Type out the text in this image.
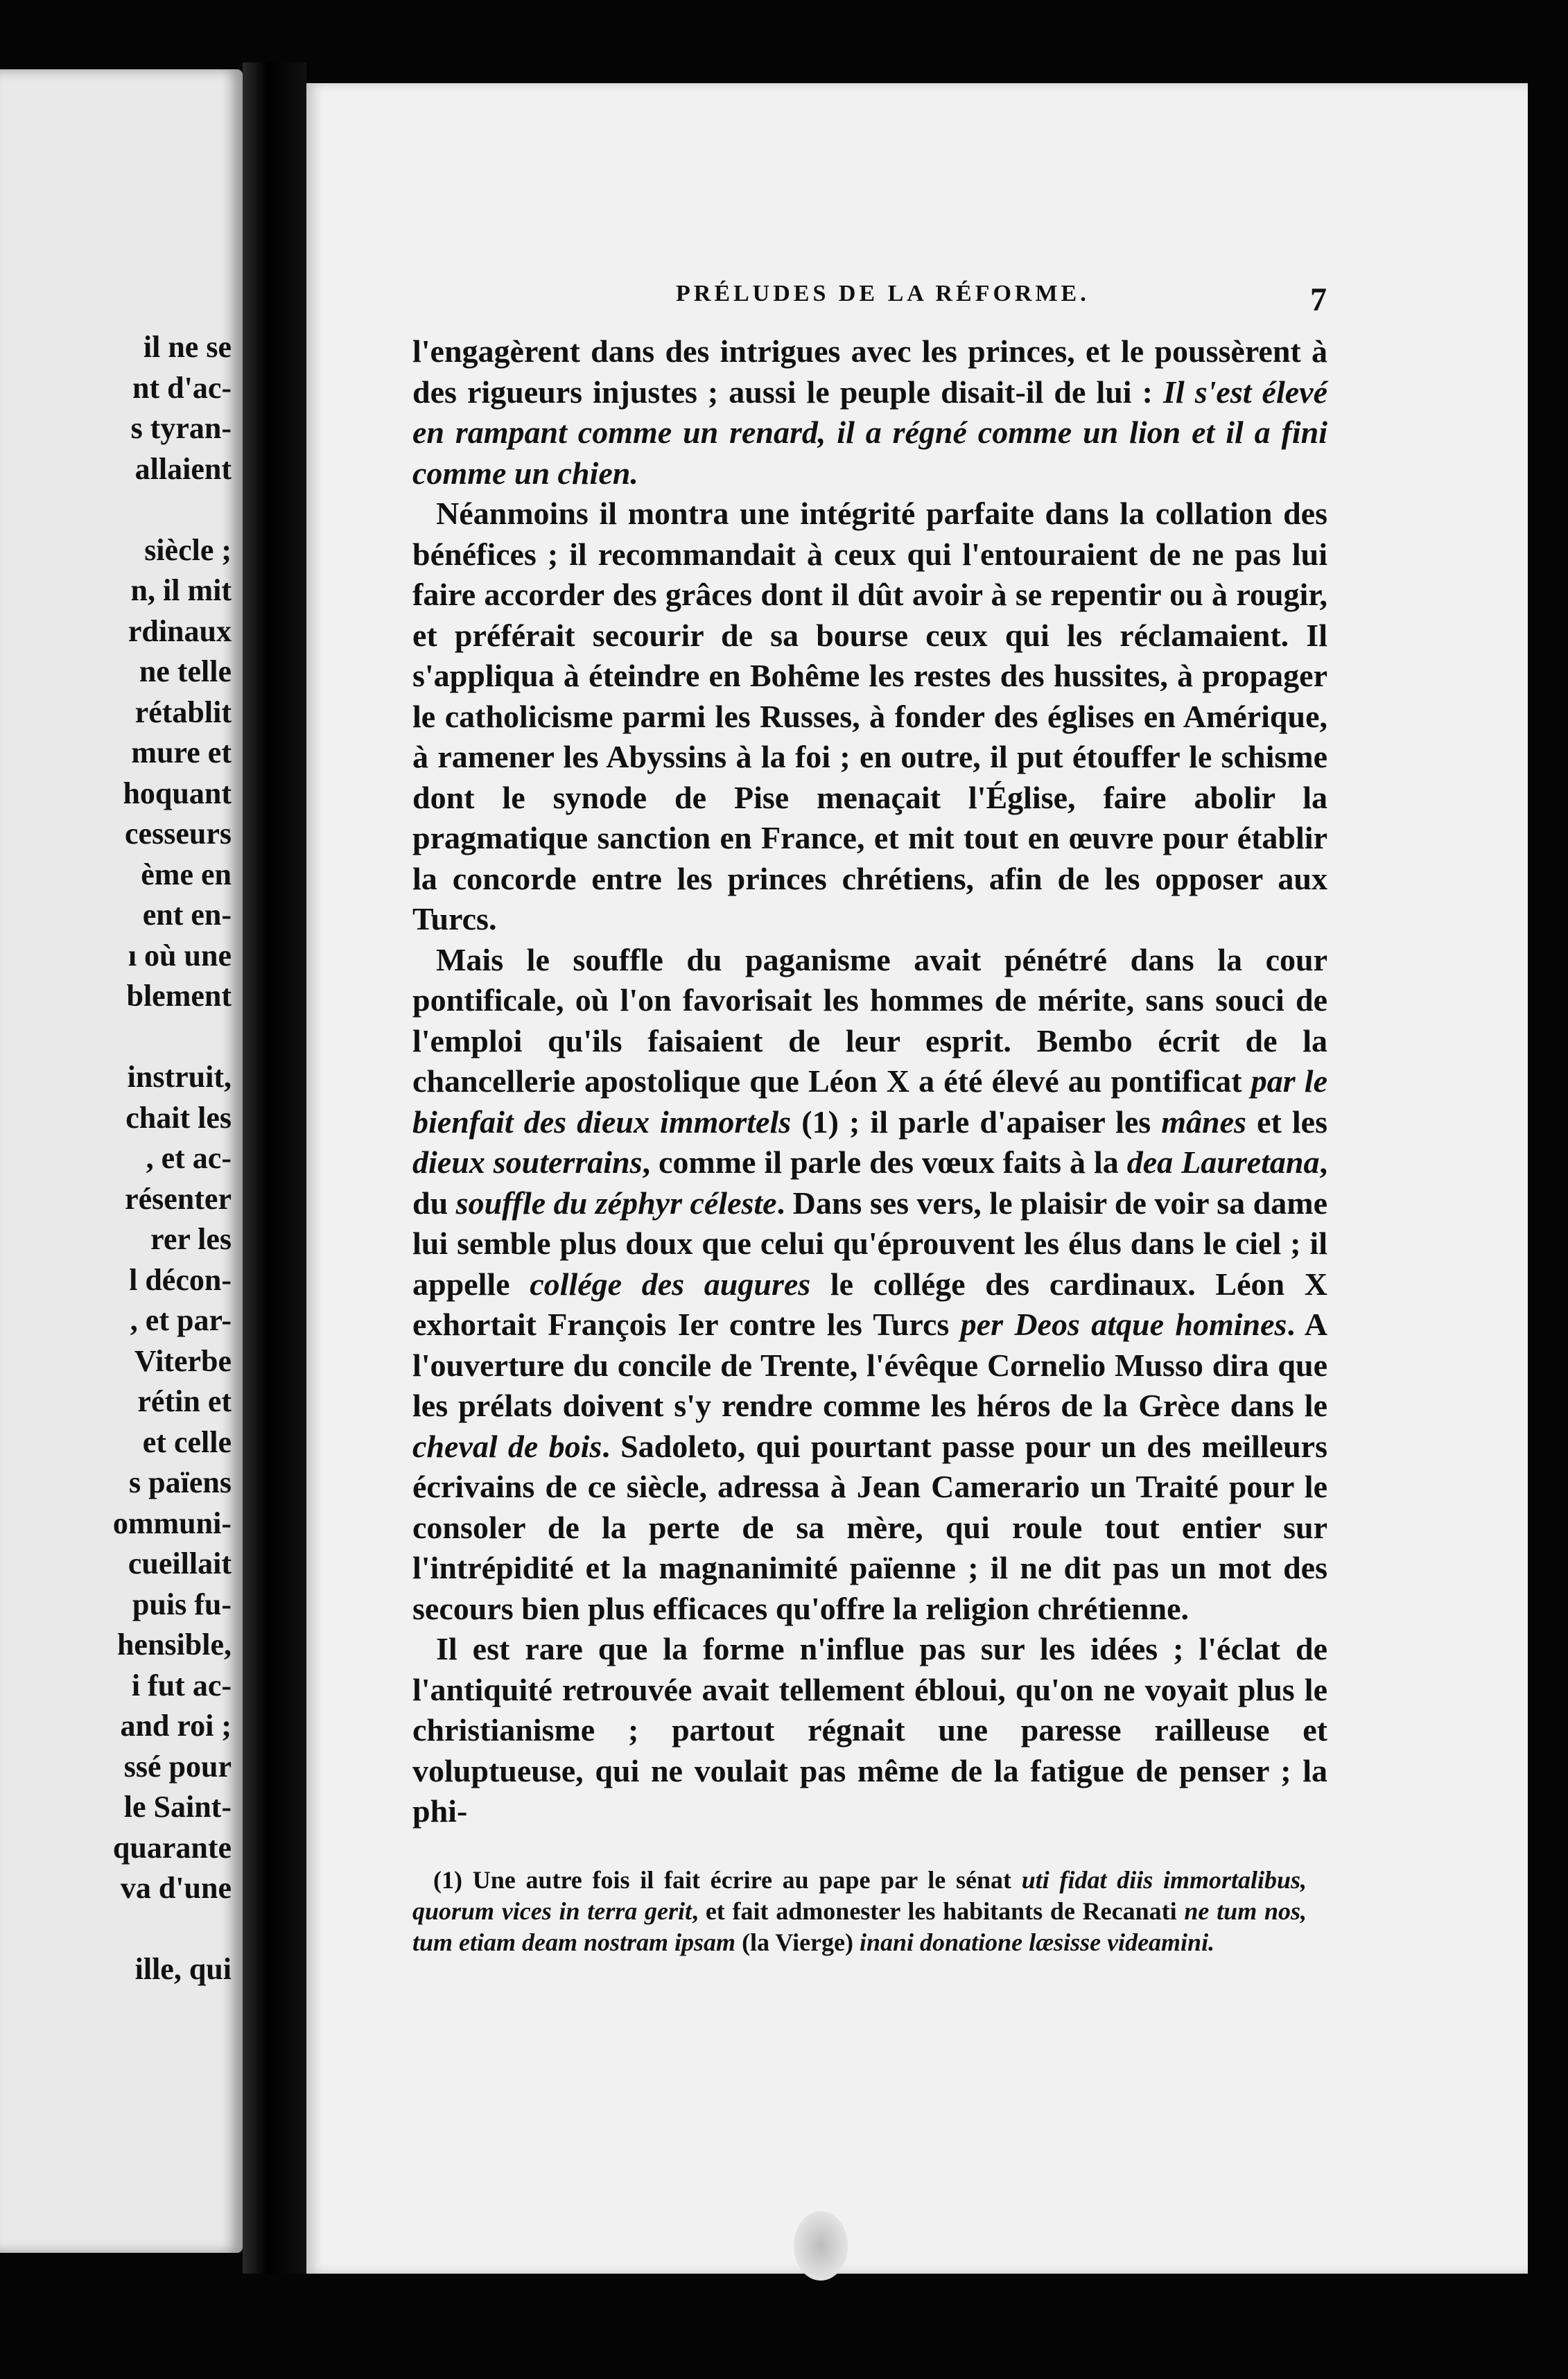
il ne se
nt d'ac-
s tyran-
allaient
siècle ;
n, il mit
rdinaux
ne telle
rétablit
mure et
hoquant
cesseurs
ème en
ent en-
ı où une
blement
instruit,
chait les
, et ac-
résenter
rer les
l décon-
, et par-
Viterbe
rétin et
et celle
s païens
ommuni-
cueillait
puis fu-
hensible,
i fut ac-
and roi ;
ssé pour
le Saint-
quarante
va d'une
ille, qui
PRÉLUDES DE LA RÉFORME.	7

l'engagèrent dans des intrigues avec les princes, et le poussèrent à des rigueurs injustes ; aussi le peuple disait-il de lui : Il s'est élevé en rampant comme un renard, il a régné comme un lion et il a fini comme un chien.

Néanmoins il montra une intégrité parfaite dans la collation des bénéfices ; il recommandait à ceux qui l'entouraient de ne pas lui faire accorder des grâces dont il dût avoir à se repentir ou à rougir, et préférait secourir de sa bourse ceux qui les réclamaient. Il s'appliqua à éteindre en Bohême les restes des hussites, à propager le catholicisme parmi les Russes, à fonder des églises en Amérique, à ramener les Abyssins à la foi ; en outre, il put étouffer le schisme dont le synode de Pise menaçait l'Église, faire abolir la pragmatique sanction en France, et mit tout en œuvre pour établir la concorde entre les princes chrétiens, afin de les opposer aux Turcs.

Mais le souffle du paganisme avait pénétré dans la cour pontificale, où l'on favorisait les hommes de mérite, sans souci de l'emploi qu'ils faisaient de leur esprit. Bembo écrit de la chancellerie apostolique que Léon X a été élevé au pontificat par le bienfait des dieux immortels (1) ; il parle d'apaiser les mânes et les dieux souterrains, comme il parle des vœux faits à la dea Lauretana, du souffle du zéphyr céleste. Dans ses vers, le plaisir de voir sa dame lui semble plus doux que celui qu'éprouvent les élus dans le ciel ; il appelle collége des augures le collége des cardinaux. Léon X exhortait François Ier contre les Turcs per Deos atque homines. A l'ouverture du concile de Trente, l'évêque Cornelio Musso dira que les prélats doivent s'y rendre comme les héros de la Grèce dans le cheval de bois. Sadoleto, qui pourtant passe pour un des meilleurs écrivains de ce siècle, adressa à Jean Camerario un Traité pour le consoler de la perte de sa mère, qui roule tout entier sur l'intrépidité et la magnanimité païenne ; il ne dit pas un mot des secours bien plus efficaces qu'offre la religion chrétienne.

Il est rare que la forme n'influe pas sur les idées ; l'éclat de l'antiquité retrouvée avait tellement ébloui, qu'on ne voyait plus le christianisme ; partout régnait une paresse railleuse et voluptueuse, qui ne voulait pas même de la fatigue de penser ; la phi-

(1) Une autre fois il fait écrire au pape par le sénat uti fidat diis immortalibus, quorum vices in terra gerit, et fait admonester les habitants de Recanati ne tum nos, tum etiam deam nostram ipsam (la Vierge) inani donatione læsisse videamini.
